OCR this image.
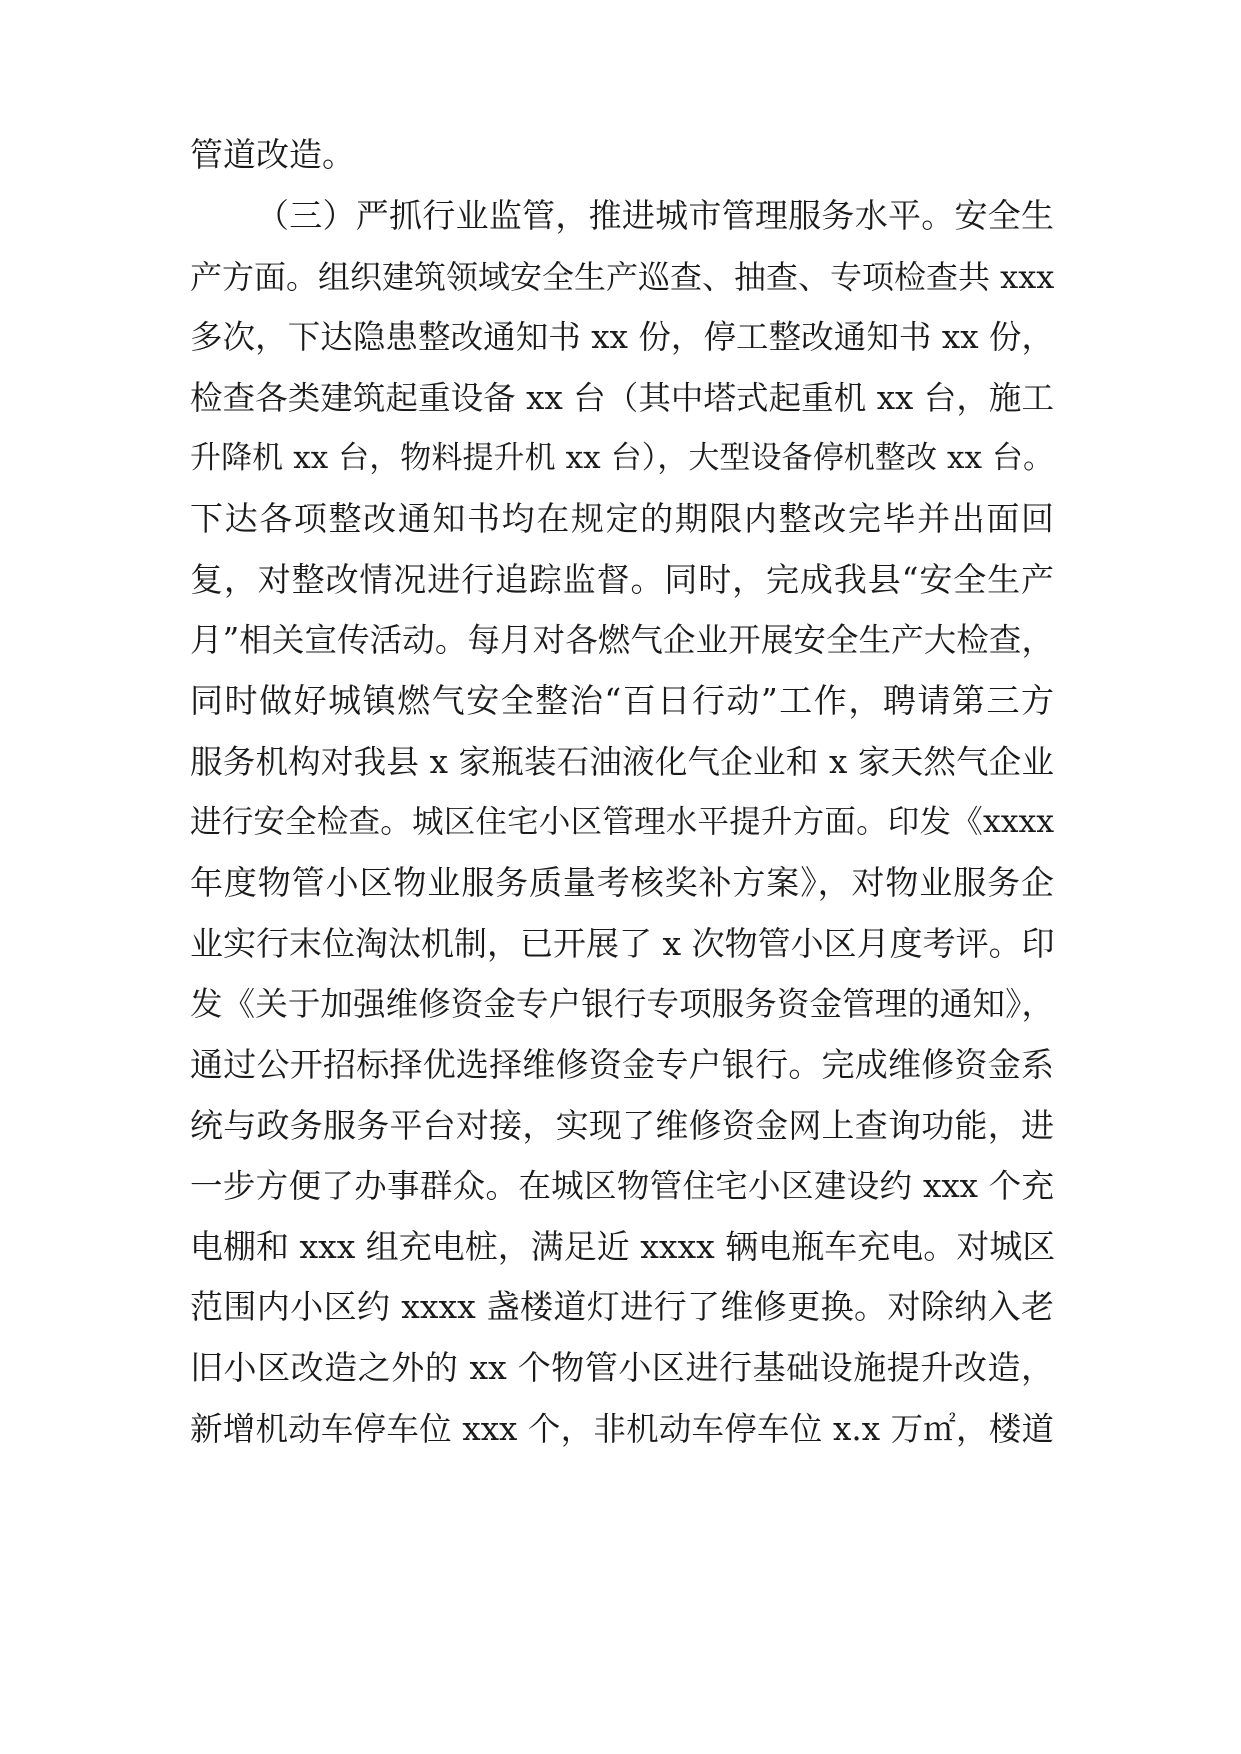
管道改造。
（三）严抓行业监管，推进城市管理服务水平。安全生
产方面。组织建筑领域安全生产巡查、抽查、专项检查共 xxx
多次，下达隐患整改通知书 xx 份，停工整改通知书 xx 份，
检查各类建筑起重设备 xx 台（其中塔式起重机 xx 台，施工
升降机 xx 台，物料提升机 xx 台），大型设备停机整改 xx 台。
下达各项整改通知书均在规定的期限内整改完毕并出面回
复，对整改情况进行追踪监督。同时，完成我县“安全生产
月”相关宣传活动。每月对各燃气企业开展安全生产大检查，
同时做好城镇燃气安全整治“百日行动”工作，聘请第三方
服务机构对我县 x 家瓶装石油液化气企业和 x 家天然气企业
进行安全检查。城区住宅小区管理水平提升方面。印发《xxxx
年度物管小区物业服务质量考核奖补方案》，对物业服务企
业实行末位淘汰机制，已开展了 x 次物管小区月度考评。印
发《关于加强维修资金专户银行专项服务资金管理的通知》，
通过公开招标择优选择维修资金专户银行。完成维修资金系
统与政务服务平台对接，实现了维修资金网上查询功能，进
一步方便了办事群众。在城区物管住宅小区建设约 xxx 个充
电棚和 xxx 组充电桩，满足近 xxxx 辆电瓶车充电。对城区
范围内小区约 xxxx 盏楼道灯进行了维修更换。对除纳入老
旧小区改造之外的 xx 个物管小区进行基础设施提升改造，
新增机动车停车位 xxx 个，非机动车停车位 x.x 万㎡，楼道
